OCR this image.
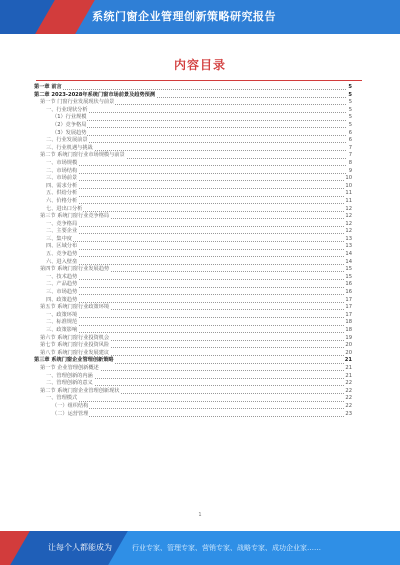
系统门窗企业管理创新策略研究报告
内容目录
第一章 前言	5
第二章 2023-2028年系统门窗市场前景及趋势预测	5
第一节 门窗行业发展现状与前景	5
一、行业现状分析	5
（1）行业规模	5
（2）竞争格局	5
（3）发展趋势	6
二、行业发展前景	6
三、行业机遇与挑战	7
第二节 系统门窗行业市场规模与前景	7
一、市场规模	8
二、市场结构	9
三、市场前景	10
四、需求分析	10
五、供给分析	11
六、价格分析	11
七、进出口分析	12
第三节 系统门窗行业竞争格局	12
一、竞争格局	12
二、主要企业	12
三、集中度	13
四、区域分布	13
五、竞争趋势	14
六、进入壁垒	14
第四节 系统门窗行业发展趋势	15
一、技术趋势	15
二、产品趋势	16
三、市场趋势	16
四、政策趋势	17
第五节 系统门窗行业政策环境	17
一、政策环境	17
二、标准规范	18
三、政策影响	18
第六节 系统门窗行业投资机会	19
第七节 系统门窗行业投资风险	20
第八节 系统门窗行业发展建议	20
第三章 系统门窗企业管理创新策略	21
第一节 企业管理创新概述	21
一、管理创新的内涵	21
二、管理创新的意义	22
第二节 系统门窗企业管理创新现状	22
一、管理模式	22
（一）组织结构	22
（二）运营管理	23
1
让每个人都能成为	行业专家、管理专家、营销专家、战略专家、成功企业家……
